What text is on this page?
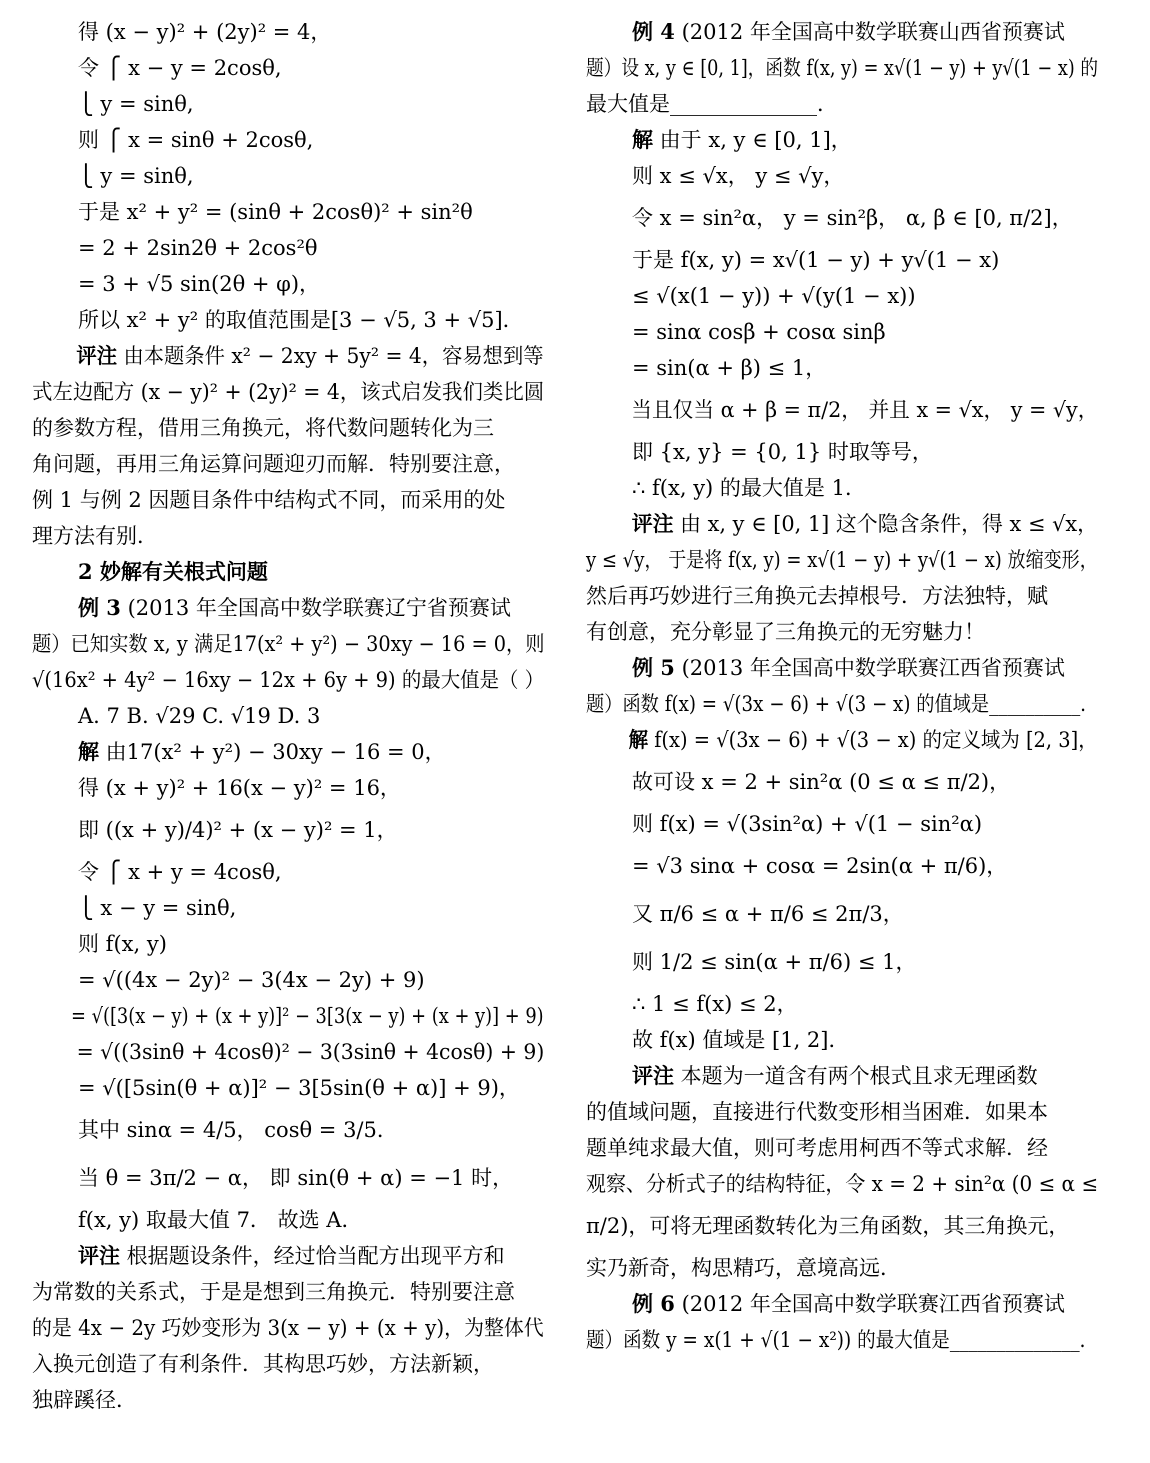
得 (x − y)² + (2y)² = 4，
令 ⎧ x − y = 2cosθ,
⎩ y = sinθ,
则 ⎧ x = sinθ + 2cosθ,
⎩ y = sinθ,
于是 x² + y² = (sinθ + 2cosθ)² + sin²θ
= 2 + 2sin2θ + 2cos²θ
= 3 + √5 sin(2θ + φ)，
所以 x² + y² 的取值范围是[3 − √5, 3 + √5]．
评注 由本题条件 x² − 2xy + 5y² = 4，容易想到等
式左边配方 (x − y)² + (2y)² = 4，该式启发我们类比圆
的参数方程，借用三角换元，将代数问题转化为三
角问题，再用三角运算问题迎刃而解．特别要注意，
例 1 与例 2 因题目条件中结构式不同，而采用的处
理方法有别．
2 妙解有关根式问题
例 3 (2013 年全国高中数学联赛辽宁省预赛试
题）已知实数 x, y 满足17(x² + y²) − 30xy − 16 = 0，则
√(16x² + 4y² − 16xy − 12x + 6y + 9) 的最大值是（ ）
A. 7 B. √29 C. √19 D. 3
解 由17(x² + y²) − 30xy − 16 = 0，
得 (x + y)² + 16(x − y)² = 16，
即 ((x + y)/4)² + (x − y)² = 1，
令 ⎧ x + y = 4cosθ,
⎩ x − y = sinθ,
则 f(x, y)
= √((4x − 2y)² − 3(4x − 2y) + 9)
= √([3(x − y) + (x + y)]² − 3[3(x − y) + (x + y)] + 9)
= √((3sinθ + 4cosθ)² − 3(3sinθ + 4cosθ) + 9)
= √([5sin(θ + α)]² − 3[5sin(θ + α)] + 9)，
其中 sinα = 4/5， cosθ = 3/5．
当 θ = 3π/2 − α， 即 sin(θ + α) = −1 时，
f(x, y) 取最大值 7． 故选 A．
评注 根据题设条件，经过恰当配方出现平方和
为常数的关系式，于是是想到三角换元．特别要注意
的是 4x − 2y 巧妙变形为 3(x − y) + (x + y)，为整体代
入换元创造了有利条件．其构思巧妙，方法新颖，
独辟蹊径．
例 4 (2012 年全国高中数学联赛山西省预赛试
题）设 x, y ∈ [0, 1]，函数 f(x, y) = x√(1 − y) + y√(1 − x) 的
最大值是______________．
解 由于 x, y ∈ [0, 1]，
则 x ≤ √x， y ≤ √y，
令 x = sin²α， y = sin²β， α, β ∈ [0, π/2]，
于是 f(x, y) = x√(1 − y) + y√(1 − x)
≤ √(x(1 − y)) + √(y(1 − x))
= sinα cosβ + cosα sinβ
= sin(α + β) ≤ 1，
当且仅当 α + β = π/2， 并且 x = √x， y = √y，
即 {x, y} = {0, 1} 时取等号，
∴ f(x, y) 的最大值是 1．
评注 由 x, y ∈ [0, 1] 这个隐含条件，得 x ≤ √x，
y ≤ √y， 于是将 f(x, y) = x√(1 − y) + y√(1 − x) 放缩变形，
然后再巧妙进行三角换元去掉根号．方法独特，赋
有创意，充分彰显了三角换元的无穷魅力！
例 5 (2013 年全国高中数学联赛江西省预赛试
题）函数 f(x) = √(3x − 6) + √(3 − x) 的值域是__________．
解 f(x) = √(3x − 6) + √(3 − x) 的定义域为 [2, 3]，
故可设 x = 2 + sin²α (0 ≤ α ≤ π/2)，
则 f(x) = √(3sin²α) + √(1 − sin²α)
= √3 sinα + cosα = 2sin(α + π/6)，
又 π/6 ≤ α + π/6 ≤ 2π/3，
则 1/2 ≤ sin(α + π/6) ≤ 1，
∴ 1 ≤ f(x) ≤ 2，
故 f(x) 值域是 [1, 2]．
评注 本题为一道含有两个根式且求无理函数
的值域问题，直接进行代数变形相当困难．如果本
题单纯求最大值，则可考虑用柯西不等式求解．经
观察、分析式子的结构特征，令 x = 2 + sin²α (0 ≤ α ≤
π/2)，可将无理函数转化为三角函数，其三角换元，
实乃新奇，构思精巧，意境高远．
例 6 (2012 年全国高中数学联赛江西省预赛试
题）函数 y = x(1 + √(1 − x²)) 的最大值是______________．
